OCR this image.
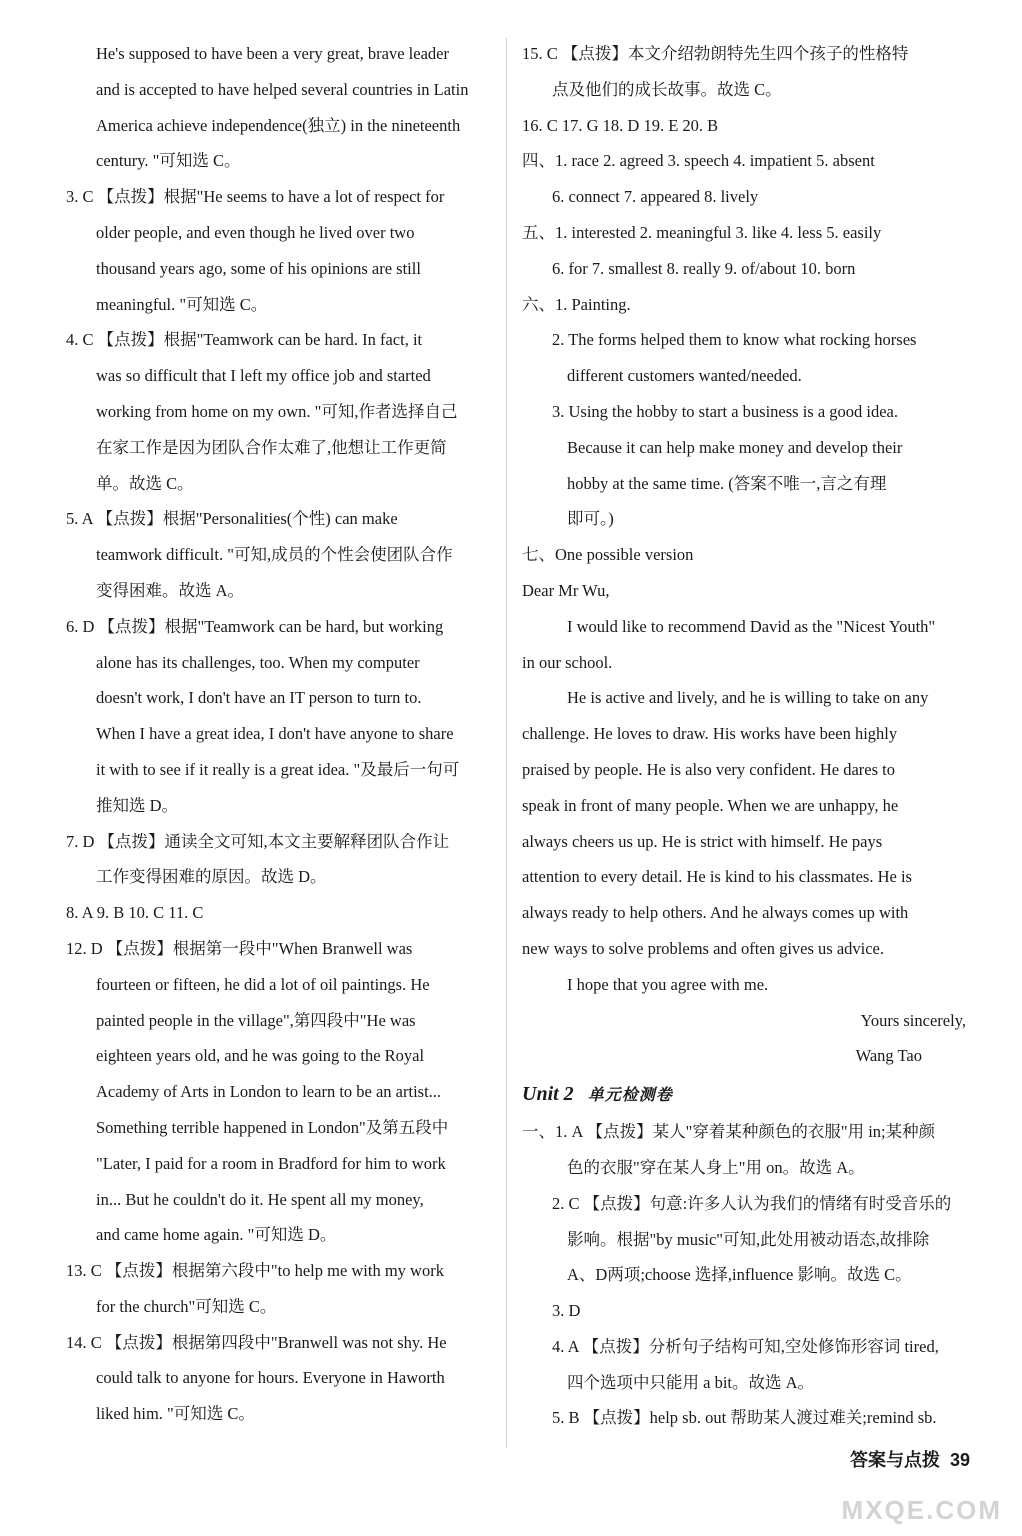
He's supposed to have been a very great, brave leader
and is accepted to have helped several countries in Latin
America achieve independence(独立) in the nineteenth
century. "可知选 C。
3. C 【点拨】根据"He seems to have a lot of respect for
older people, and even though he lived over two
thousand years ago, some of his opinions are still
meaningful. "可知选 C。
4. C 【点拨】根据"Teamwork can be hard. In fact, it
was so difficult that I left my office job and started
working from home on my own. "可知,作者选择自己
在家工作是因为团队合作太难了,他想让工作更简
单。故选 C。
5. A 【点拨】根据"Personalities(个性) can make
teamwork difficult. "可知,成员的个性会使团队合作
变得困难。故选 A。
6. D 【点拨】根据"Teamwork can be hard, but working
alone has its challenges, too. When my computer
doesn't work, I don't have an IT person to turn to.
When I have a great idea, I don't have anyone to share
it with to see if it really is a great idea. "及最后一句可
推知选 D。
7. D 【点拨】通读全文可知,本文主要解释团队合作让
工作变得困难的原因。故选 D。
8. A 9. B 10. C 11. C
12. D 【点拨】根据第一段中"When Branwell was
fourteen or fifteen, he did a lot of oil paintings. He
painted people in the village",第四段中"He was
eighteen years old, and he was going to the Royal
Academy of Arts in London to learn to be an artist...
Something terrible happened in London"及第五段中
"Later, I paid for a room in Bradford for him to work
in... But he couldn't do it. He spent all my money,
and came home again. "可知选 D。
13. C 【点拨】根据第六段中"to help me with my work
for the church"可知选 C。
14. C 【点拨】根据第四段中"Branwell was not shy. He
could talk to anyone for hours. Everyone in Haworth
liked him. "可知选 C。
15. C 【点拨】本文介绍勃朗特先生四个孩子的性格特
点及他们的成长故事。故选 C。
16. C 17. G 18. D 19. E 20. B
四、1. race 2. agreed 3. speech 4. impatient 5. absent
6. connect 7. appeared 8. lively
五、1. interested 2. meaningful 3. like 4. less 5. easily
6. for 7. smallest 8. really 9. of/about 10. born
六、1. Painting.
2. The forms helped them to know what rocking horses
different customers wanted/needed.
3. Using the hobby to start a business is a good idea.
Because it can help make money and develop their
hobby at the same time. (答案不唯一,言之有理
即可。)
七、One possible version
Dear Mr Wu,
I would like to recommend David as the "Nicest Youth"
in our school.
He is active and lively, and he is willing to take on any
challenge. He loves to draw. His works have been highly
praised by people. He is also very confident. He dares to
speak in front of many people. When we are unhappy, he
always cheers us up. He is strict with himself. He pays
attention to every detail. He is kind to his classmates. He is
always ready to help others. And he always comes up with
new ways to solve problems and often gives us advice.
I hope that you agree with me.
Yours sincerely,
Wang Tao
Unit 2 单元检测卷
一、1. A 【点拨】某人"穿着某种颜色的衣服"用 in;某种颜
色的衣服"穿在某人身上"用 on。故选 A。
2. C 【点拨】句意:许多人认为我们的情绪有时受音乐的
影响。根据"by music"可知,此处用被动语态,故排除
A、D两项;choose 选择,influence 影响。故选 C。
3. D
4. A 【点拨】分析句子结构可知,空处修饰形容词 tired,
四个选项中只能用 a bit。故选 A。
5. B 【点拨】help sb. out 帮助某人渡过难关;remind sb.
答案与点拨 39
MXQE.COM
